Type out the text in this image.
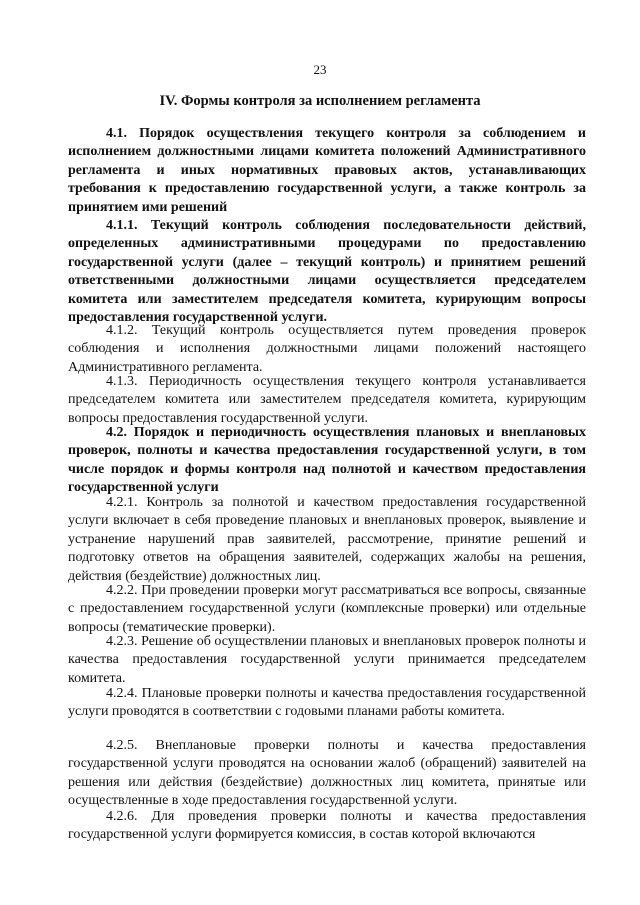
23
IV. Формы контроля за исполнением регламента

4.1. Порядок осуществления текущего контроля за соблюдением и исполнением должностными лицами комитета положений Административного регламента и иных нормативных правовых актов, устанавливающих требования к предоставлению государственной услуги, а также контроль за принятием ими решений

4.1.1. Текущий контроль соблюдения последовательности действий, определенных административными процедурами по предоставлению государственной услуги (далее – текущий контроль) и принятием решений ответственными должностными лицами осуществляется председателем комитета или заместителем председателя комитета, курирующим вопросы предоставления государственной услуги.

4.1.2. Текущий контроль осуществляется путем проведения проверок соблюдения и исполнения должностными лицами положений настоящего Административного регламента.

4.1.3. Периодичность осуществления текущего контроля устанавливается председателем комитета или заместителем председателя комитета, курирующим вопросы предоставления государственной услуги.

4.2. Порядок и периодичность осуществления плановых и внеплановых проверок, полноты и качества предоставления государственной услуги, в том числе порядок и формы контроля над полнотой и качеством предоставления государственной услуги

4.2.1. Контроль за полнотой и качеством предоставления государственной услуги включает в себя проведение плановых и внеплановых проверок, выявление и устранение нарушений прав заявителей, рассмотрение, принятие решений и подготовку ответов на обращения заявителей, содержащих жалобы на решения, действия (бездействие) должностных лиц.

4.2.2. При проведении проверки могут рассматриваться все вопросы, связанные с предоставлением государственной услуги (комплексные проверки) или отдельные вопросы (тематические проверки).

4.2.3. Решение об осуществлении плановых и внеплановых проверок полноты и качества предоставления государственной услуги принимается председателем комитета.

4.2.4. Плановые проверки полноты и качества предоставления государственной услуги проводятся в соответствии с годовыми планами работы комитета.

4.2.5. Внеплановые проверки полноты и качества предоставления государственной услуги проводятся на основании жалоб (обращений) заявителей на решения или действия (бездействие) должностных лиц комитета, принятые или осуществленные в ходе предоставления государственной услуги.

4.2.6. Для проведения проверки полноты и качества предоставления государственной услуги формируется комиссия, в состав которой включаются
